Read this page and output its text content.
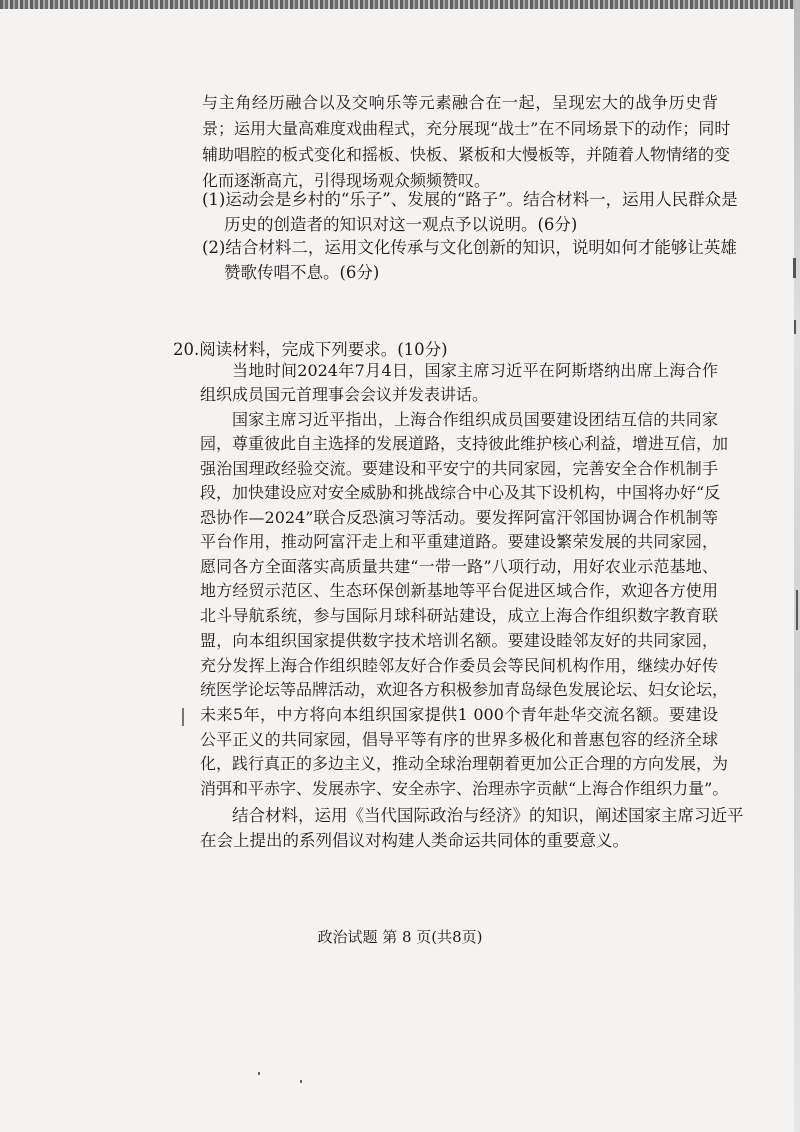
与主角经历融合以及交响乐等元素融合在一起，呈现宏大的战争历史背
景；运用大量高难度戏曲程式，充分展现“战士”在不同场景下的动作；同时
辅助唱腔的板式变化和摇板、快板、紧板和大慢板等，并随着人物情绪的变
化而逐渐高亢，引得现场观众频频赞叹。
(1)运动会是乡村的“乐子”、发展的“路子”。结合材料一，运用人民群众是
历史的创造者的知识对这一观点予以说明。(6分)
(2)结合材料二，运用文化传承与文化创新的知识，说明如何才能够让英雄
赞歌传唱不息。(6分)
20.阅读材料，完成下列要求。(10分)
当地时间2024年7月4日，国家主席习近平在阿斯塔纳出席上海合作
组织成员国元首理事会会议并发表讲话。
国家主席习近平指出，上海合作组织成员国要建设团结互信的共同家
园，尊重彼此自主选择的发展道路，支持彼此维护核心利益，增进互信，加
强治国理政经验交流。要建设和平安宁的共同家园，完善安全合作机制手
段，加快建设应对安全威胁和挑战综合中心及其下设机构，中国将办好“反
恐协作—2024”联合反恐演习等活动。要发挥阿富汗邻国协调合作机制等
平台作用，推动阿富汗走上和平重建道路。要建设繁荣发展的共同家园，
愿同各方全面落实高质量共建“一带一路”八项行动，用好农业示范基地、
地方经贸示范区、生态环保创新基地等平台促进区域合作，欢迎各方使用
北斗导航系统，参与国际月球科研站建设，成立上海合作组织数字教育联
盟，向本组织国家提供数字技术培训名额。要建设睦邻友好的共同家园，
充分发挥上海合作组织睦邻友好合作委员会等民间机构作用，继续办好传
统医学论坛等品牌活动，欢迎各方积极参加青岛绿色发展论坛、妇女论坛，
未来5年，中方将向本组织国家提供1 000个青年赴华交流名额。要建设
公平正义的共同家园，倡导平等有序的世界多极化和普惠包容的经济全球
化，践行真正的多边主义，推动全球治理朝着更加公正合理的方向发展，为
消弭和平赤字、发展赤字、安全赤字、治理赤字贡献“上海合作组织力量”。
结合材料，运用《当代国际政治与经济》的知识，阐述国家主席习近平
在会上提出的系列倡议对构建人类命运共同体的重要意义。
政治试题 第 8 页(共8页)
